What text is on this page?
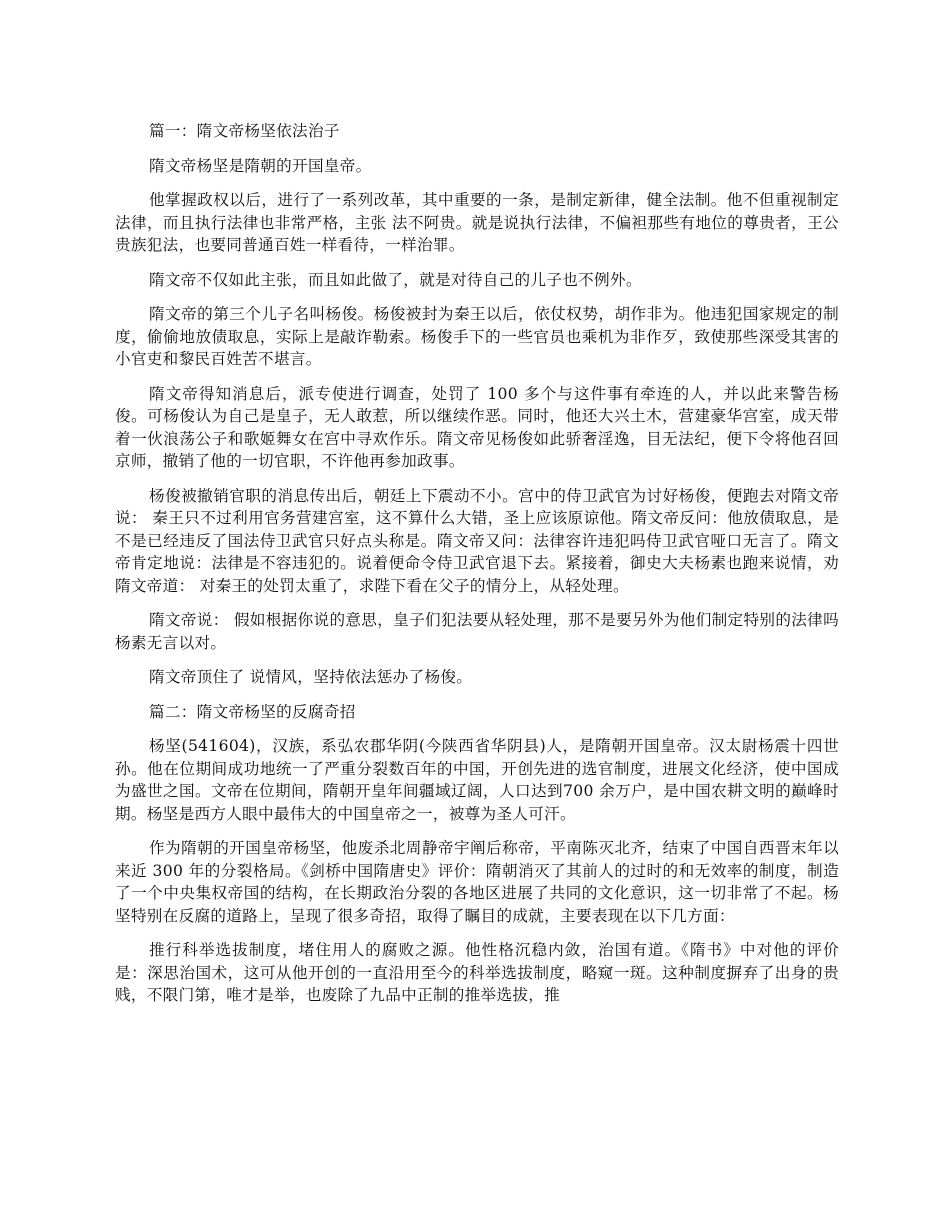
篇一：隋文帝杨坚依法治子

隋文帝杨坚是隋朝的开国皇帝。

他掌握政权以后，进行了一系列改革，其中重要的一条，是制定新律，健全法制。他不但重视制定法律，而且执行法律也非常严格，主张 法不阿贵。就是说执行法律，不偏袒那些有地位的尊贵者，王公贵族犯法，也要同普通百姓一样看待，一样治罪。

隋文帝不仅如此主张，而且如此做了，就是对待自己的儿子也不例外。

隋文帝的第三个儿子名叫杨俊。杨俊被封为秦王以后，依仗权势，胡作非为。他违犯国家规定的制度，偷偷地放债取息，实际上是敲诈勒索。杨俊手下的一些官员也乘机为非作歹，致使那些深受其害的小官吏和黎民百姓苦不堪言。

隋文帝得知消息后，派专使进行调查，处罚了 100 多个与这件事有牵连的人，并以此来警告杨俊。可杨俊认为自己是皇子，无人敢惹，所以继续作恶。同时，他还大兴土木，营建豪华宫室，成天带着一伙浪荡公子和歌姬舞女在宫中寻欢作乐。隋文帝见杨俊如此骄奢淫逸，目无法纪，便下令将他召回京师，撤销了他的一切官职，不许他再参加政事。

杨俊被撤销官职的消息传出后，朝廷上下震动不小。宫中的侍卫武官为讨好杨俊，便跑去对隋文帝说： 秦王只不过利用官务营建宫室，这不算什么大错，圣上应该原谅他。隋文帝反问：他放债取息，是不是已经违反了国法侍卫武官只好点头称是。隋文帝又问：法律容许违犯吗侍卫武官哑口无言了。隋文帝肯定地说：法律是不容违犯的。说着便命令侍卫武官退下去。紧接着，御史大夫杨素也跑来说情，劝隋文帝道： 对秦王的处罚太重了，求陛下看在父子的情分上，从轻处理。

隋文帝说： 假如根据你说的意思，皇子们犯法要从轻处理，那不是要另外为他们制定特别的法律吗杨素无言以对。

隋文帝顶住了 说情风，坚持依法惩办了杨俊。

篇二：隋文帝杨坚的反腐奇招

杨坚(541604)，汉族，系弘农郡华阴(今陕西省华阴县)人，是隋朝开国皇帝。汉太尉杨震十四世孙。他在位期间成功地统一了严重分裂数百年的中国，开创先进的选官制度，进展文化经济，使中国成为盛世之国。文帝在位期间，隋朝开皇年间疆域辽阔，人口达到700 余万户，是中国农耕文明的巅峰时期。杨坚是西方人眼中最伟大的中国皇帝之一，被尊为圣人可汗。

作为隋朝的开国皇帝杨坚，他废杀北周静帝宇阐后称帝，平南陈灭北齐，结束了中国自西晋末年以来近 300 年的分裂格局。《剑桥中国隋唐史》评价：隋朝消灭了其前人的过时的和无效率的制度，制造了一个中央集权帝国的结构，在长期政治分裂的各地区进展了共同的文化意识，这一切非常了不起。杨坚特别在反腐的道路上，呈现了很多奇招，取得了瞩目的成就，主要表现在以下几方面：

推行科举选拔制度，堵住用人的腐败之源。他性格沉稳内敛，治国有道。《隋书》中对他的评价是：深思治国术，这可从他开创的一直沿用至今的科举选拔制度，略窥一斑。这种制度摒弃了出身的贵贱，不限门第，唯才是举，也废除了九品中正制的推举选拔，推
